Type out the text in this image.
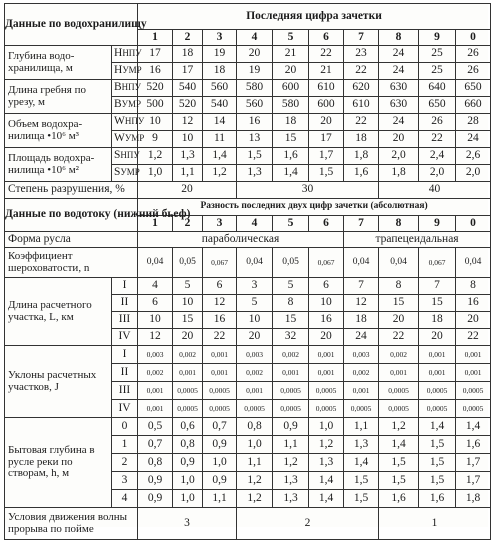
Данные по водохранилищу		Последняя цифра зачетки									
		1	2	3	4	5	6	7	8	9	0
Глубина водо-хранилища, м	HНПУ	17	18	19	20	21	22	23	24	25	26
	HУМР	16	17	18	19	20	21	22	24	25	26
Длина гребня по урезу, м	BНПУ	520	540	560	580	600	610	620	630	640	650
	BУМР	500	520	540	560	580	600	610	630	650	660
Объем водохра-нилища •10⁶ м³	WНПУ	10	12	14	16	18	20	22	24	26	28
	WУМР	9	10	11	13	15	17	18	20	22	24
Площадь водохра-нилища •10⁶ м²	SНПУ	1,2	1,3	1,4	1,5	1,6	1,7	1,8	2,0	2,4	2,6
	SУМР	1,0	1,1	1,2	1,3	1,4	1,5	1,6	1,8	2,0	2,0
Степень разрушения, %		20			30				40		
Данные по водотоку (нижний бьеф)		Разность последних двух цифр зачетки (абсолютная)									
		1	2	3	4	5	6	7	8	9	0
Форма русла		параболическая						трапецеидальная			
Коэффициент шероховатости, n		0,04	0,05	0,067	0,04	0,05	0,067	0,04	0,04	0,067	0,04
Длина расчетного участка, L, км	I	4	5	6	3	5	6	7	8	7	8
	II	6	10	12	5	8	10	12	15	15	16
	III	10	15	16	10	15	16	18	20	18	20
	IV	12	20	22	20	32	20	24	22	20	22
Уклоны расчетных участков, J	I	0,003	0,002	0,001	0,003	0,002	0,001	0,003	0,002	0,001	0,001
	II	0,002	0,001	0,001	0,002	0,001	0,001	0,002	0,001	0,001	0,001
	III	0,001	0,0005	0,0005	0,001	0,0005	0,0005	0,001	0,0005	0,0005	0,0005
	IV	0,001	0,0005	0,0005	0,0005	0,0005	0,0005	0,0005	0,0005	0,0005	0,0005
Бытовая глубина в русле реки по створам, h, м	0	0,5	0,6	0,7	0,8	0,9	1,0	1,1	1,2	1,4	1,4
	1	0,7	0,8	0,9	1,0	1,1	1,2	1,3	1,4	1,5	1,6
	2	0,8	0,9	1,0	1,1	1,2	1,3	1,4	1,5	1,5	1,7
	3	0,9	1,0	0,9	1,2	1,3	1,4	1,5	1,5	1,5	1,7
	4	0,9	1,0	1,1	1,2	1,3	1,4	1,5	1,6	1,6	1,8
Условия движения волны прорыва по пойме		3			2				1		
